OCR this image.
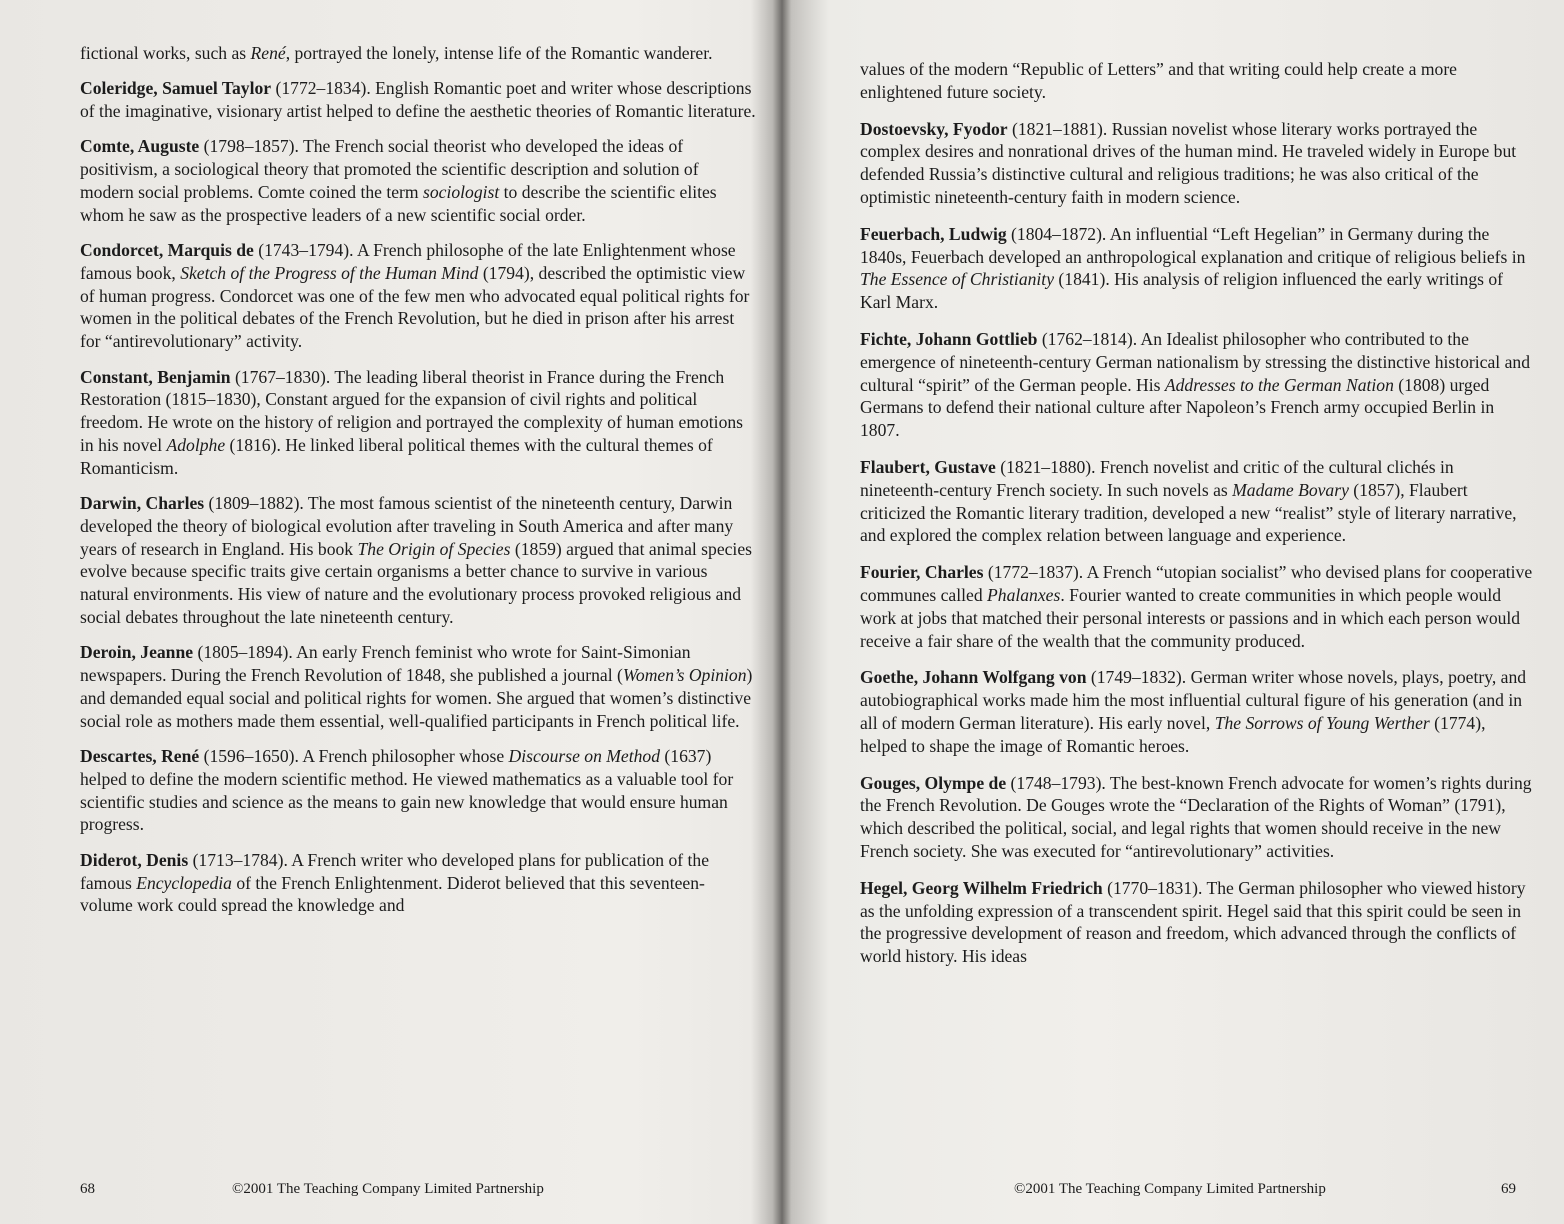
fictional works, such as René, portrayed the lonely, intense life of the Romantic wanderer.

Coleridge, Samuel Taylor (1772–1834). English Romantic poet and writer whose descriptions of the imaginative, visionary artist helped to define the aesthetic theories of Romantic literature.

Comte, Auguste (1798–1857). The French social theorist who developed the ideas of positivism, a sociological theory that promoted the scientific description and solution of modern social problems. Comte coined the term sociologist to describe the scientific elites whom he saw as the prospective leaders of a new scientific social order.

Condorcet, Marquis de (1743–1794). A French philosophe of the late Enlightenment whose famous book, Sketch of the Progress of the Human Mind (1794), described the optimistic view of human progress. Condorcet was one of the few men who advocated equal political rights for women in the political debates of the French Revolution, but he died in prison after his arrest for “antirevolutionary” activity.

Constant, Benjamin (1767–1830). The leading liberal theorist in France during the French Restoration (1815–1830), Constant argued for the expansion of civil rights and political freedom. He wrote on the history of religion and portrayed the complexity of human emotions in his novel Adolphe (1816). He linked liberal political themes with the cultural themes of Romanticism.

Darwin, Charles (1809–1882). The most famous scientist of the nineteenth century, Darwin developed the theory of biological evolution after traveling in South America and after many years of research in England. His book The Origin of Species (1859) argued that animal species evolve because specific traits give certain organisms a better chance to survive in various natural environments. His view of nature and the evolutionary process provoked religious and social debates throughout the late nineteenth century.

Deroin, Jeanne (1805–1894). An early French feminist who wrote for Saint-Simonian newspapers. During the French Revolution of 1848, she published a journal (Women’s Opinion) and demanded equal social and political rights for women. She argued that women’s distinctive social role as mothers made them essential, well-qualified participants in French political life.

Descartes, René (1596–1650). A French philosopher whose Discourse on Method (1637) helped to define the modern scientific method. He viewed mathematics as a valuable tool for scientific studies and science as the means to gain new knowledge that would ensure human progress.

Diderot, Denis (1713–1784). A French writer who developed plans for publication of the famous Encyclopedia of the French Enlightenment. Diderot believed that this seventeen-volume work could spread the knowledge and

68	©2001 The Teaching Company Limited Partnership

values of the modern “Republic of Letters” and that writing could help create a more enlightened future society.

Dostoevsky, Fyodor (1821–1881). Russian novelist whose literary works portrayed the complex desires and nonrational drives of the human mind. He traveled widely in Europe but defended Russia’s distinctive cultural and religious traditions; he was also critical of the optimistic nineteenth-century faith in modern science.

Feuerbach, Ludwig (1804–1872). An influential “Left Hegelian” in Germany during the 1840s, Feuerbach developed an anthropological explanation and critique of religious beliefs in The Essence of Christianity (1841). His analysis of religion influenced the early writings of Karl Marx.

Fichte, Johann Gottlieb (1762–1814). An Idealist philosopher who contributed to the emergence of nineteenth-century German nationalism by stressing the distinctive historical and cultural “spirit” of the German people. His Addresses to the German Nation (1808) urged Germans to defend their national culture after Napoleon’s French army occupied Berlin in 1807.

Flaubert, Gustave (1821–1880). French novelist and critic of the cultural clichés in nineteenth-century French society. In such novels as Madame Bovary (1857), Flaubert criticized the Romantic literary tradition, developed a new “realist” style of literary narrative, and explored the complex relation between language and experience.

Fourier, Charles (1772–1837). A French “utopian socialist” who devised plans for cooperative communes called Phalanxes. Fourier wanted to create communities in which people would work at jobs that matched their personal interests or passions and in which each person would receive a fair share of the wealth that the community produced.

Goethe, Johann Wolfgang von (1749–1832). German writer whose novels, plays, poetry, and autobiographical works made him the most influential cultural figure of his generation (and in all of modern German literature). His early novel, The Sorrows of Young Werther (1774), helped to shape the image of Romantic heroes.

Gouges, Olympe de (1748–1793). The best-known French advocate for women’s rights during the French Revolution. De Gouges wrote the “Declaration of the Rights of Woman” (1791), which described the political, social, and legal rights that women should receive in the new French society. She was executed for “antirevolutionary” activities.

Hegel, Georg Wilhelm Friedrich (1770–1831). The German philosopher who viewed history as the unfolding expression of a transcendent spirit. Hegel said that this spirit could be seen in the progressive development of reason and freedom, which advanced through the conflicts of world history. His ideas

©2001 The Teaching Company Limited Partnership	69
